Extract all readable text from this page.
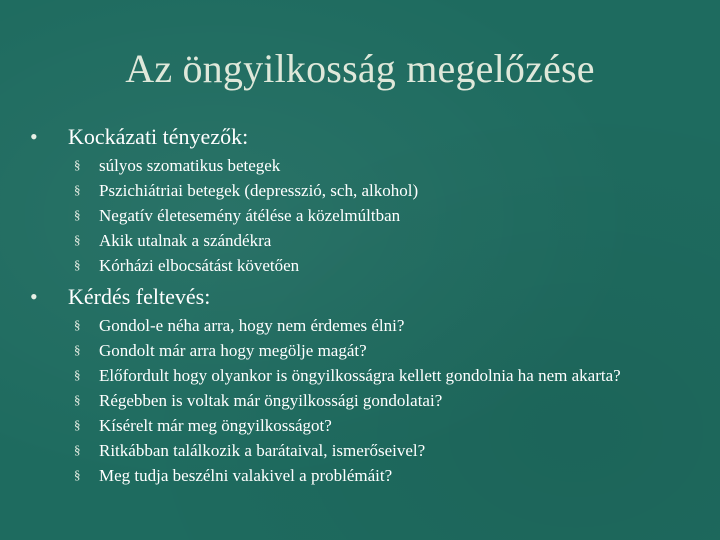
Az öngyilkosság megelőzése
•	Kockázati tényezők:
§	súlyos szomatikus betegek
§	Pszichiátriai betegek (depresszió, sch, alkohol)
§	Negatív életesemény átélése a közelmúltban
§	Akik utalnak a szándékra
§	Kórházi elbocsátást követően
•	Kérdés feltevés:
§	Gondol-e néha arra, hogy nem érdemes élni?
§	Gondolt már arra hogy megölje magát?
§	Előfordult hogy olyankor is öngyilkosságra kellett gondolnia ha nem akarta?
§	Régebben is voltak már öngyilkossági gondolatai?
§	Kísérelt már meg öngyilkosságot?
§	Ritkábban találkozik a barátaival, ismerőseivel?
§	Meg tudja beszélni valakivel a problémáit?
